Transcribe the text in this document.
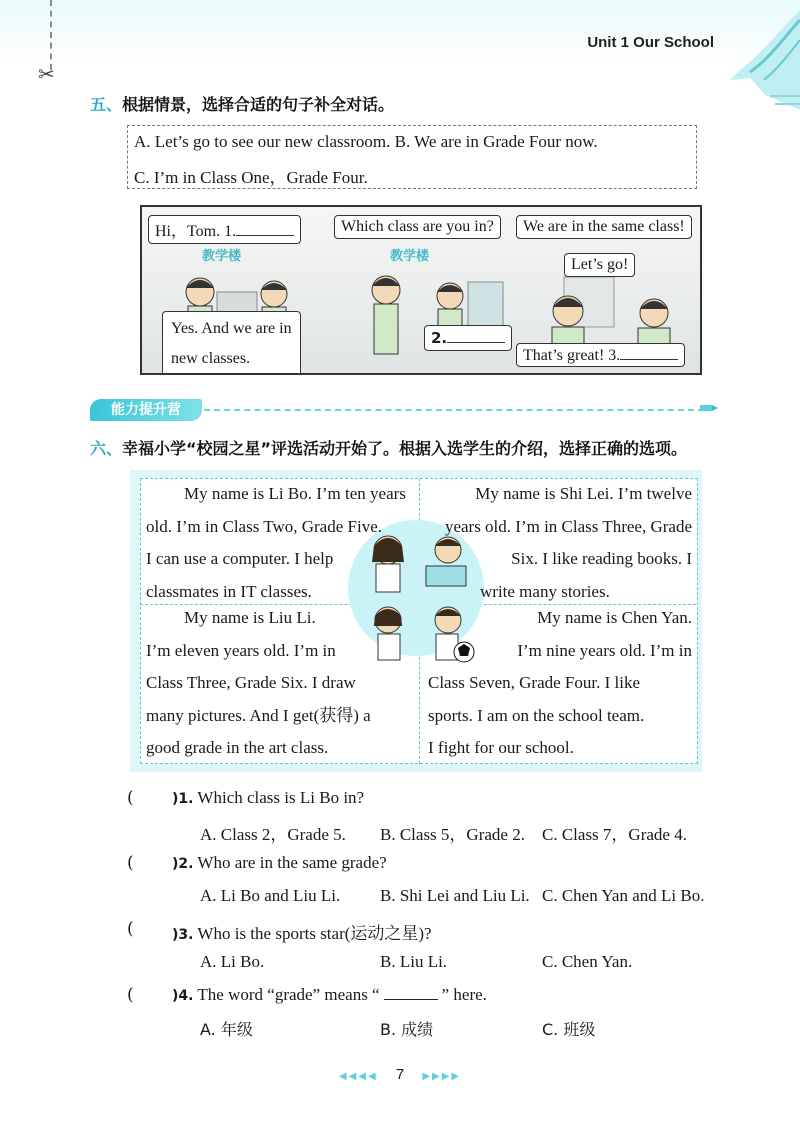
✂
Unit 1 Our School
五、根据情景，选择合适的句子补全对话。
A. Let’s go to see our new classroom. B. We are in Grade Four now.
C. I’m in Class One，Grade Four.
教学楼
Hi，Tom. 1.
Yes. And we are in
new classes.
教学楼
Which class are you in?
2.
We are in the same class!
Let’s go!
That’s great! 3.
能力提升营
六、幸福小学“校园之星”评选活动开始了。根据入选学生的介绍，选择正确的选项。
My name is Li Bo. I’m ten years
old. I’m in Class Two, Grade Five.
I can use a computer. I help
classmates in IT classes.
My name is Shi Lei. I’m twelve
years old. I’m in Class Three, Grade
Six. I like reading books. I
write many stories.
My name is Liu Li.
I’m eleven years old. I’m in
Class Three, Grade Six. I draw
many pictures. And I get(获得) a
good grade in the art class.
My name is Chen Yan.
I’m nine years old. I’m in
Class Seven, Grade Four. I like
sports. I am on the school team.
I fight for our school.
(	)1. Which class is Li Bo in?
A. Class 2，Grade 5. B. Class 5，Grade 2. C. Class 7，Grade 4.
(	)2. Who are in the same grade?
A. Li Bo and Liu Li. B. Shi Lei and Liu Li. C. Chen Yan and Li Bo.
(	)3. Who is the sports star(运动之星)?
A. Li Bo.	B. Liu Li.	C. Chen Yan.
(	)4. The word “grade” means “	” here.
A. 年级	B. 成绩	C. 班级
◀◀◀◀ 7 ▶▶▶▶
